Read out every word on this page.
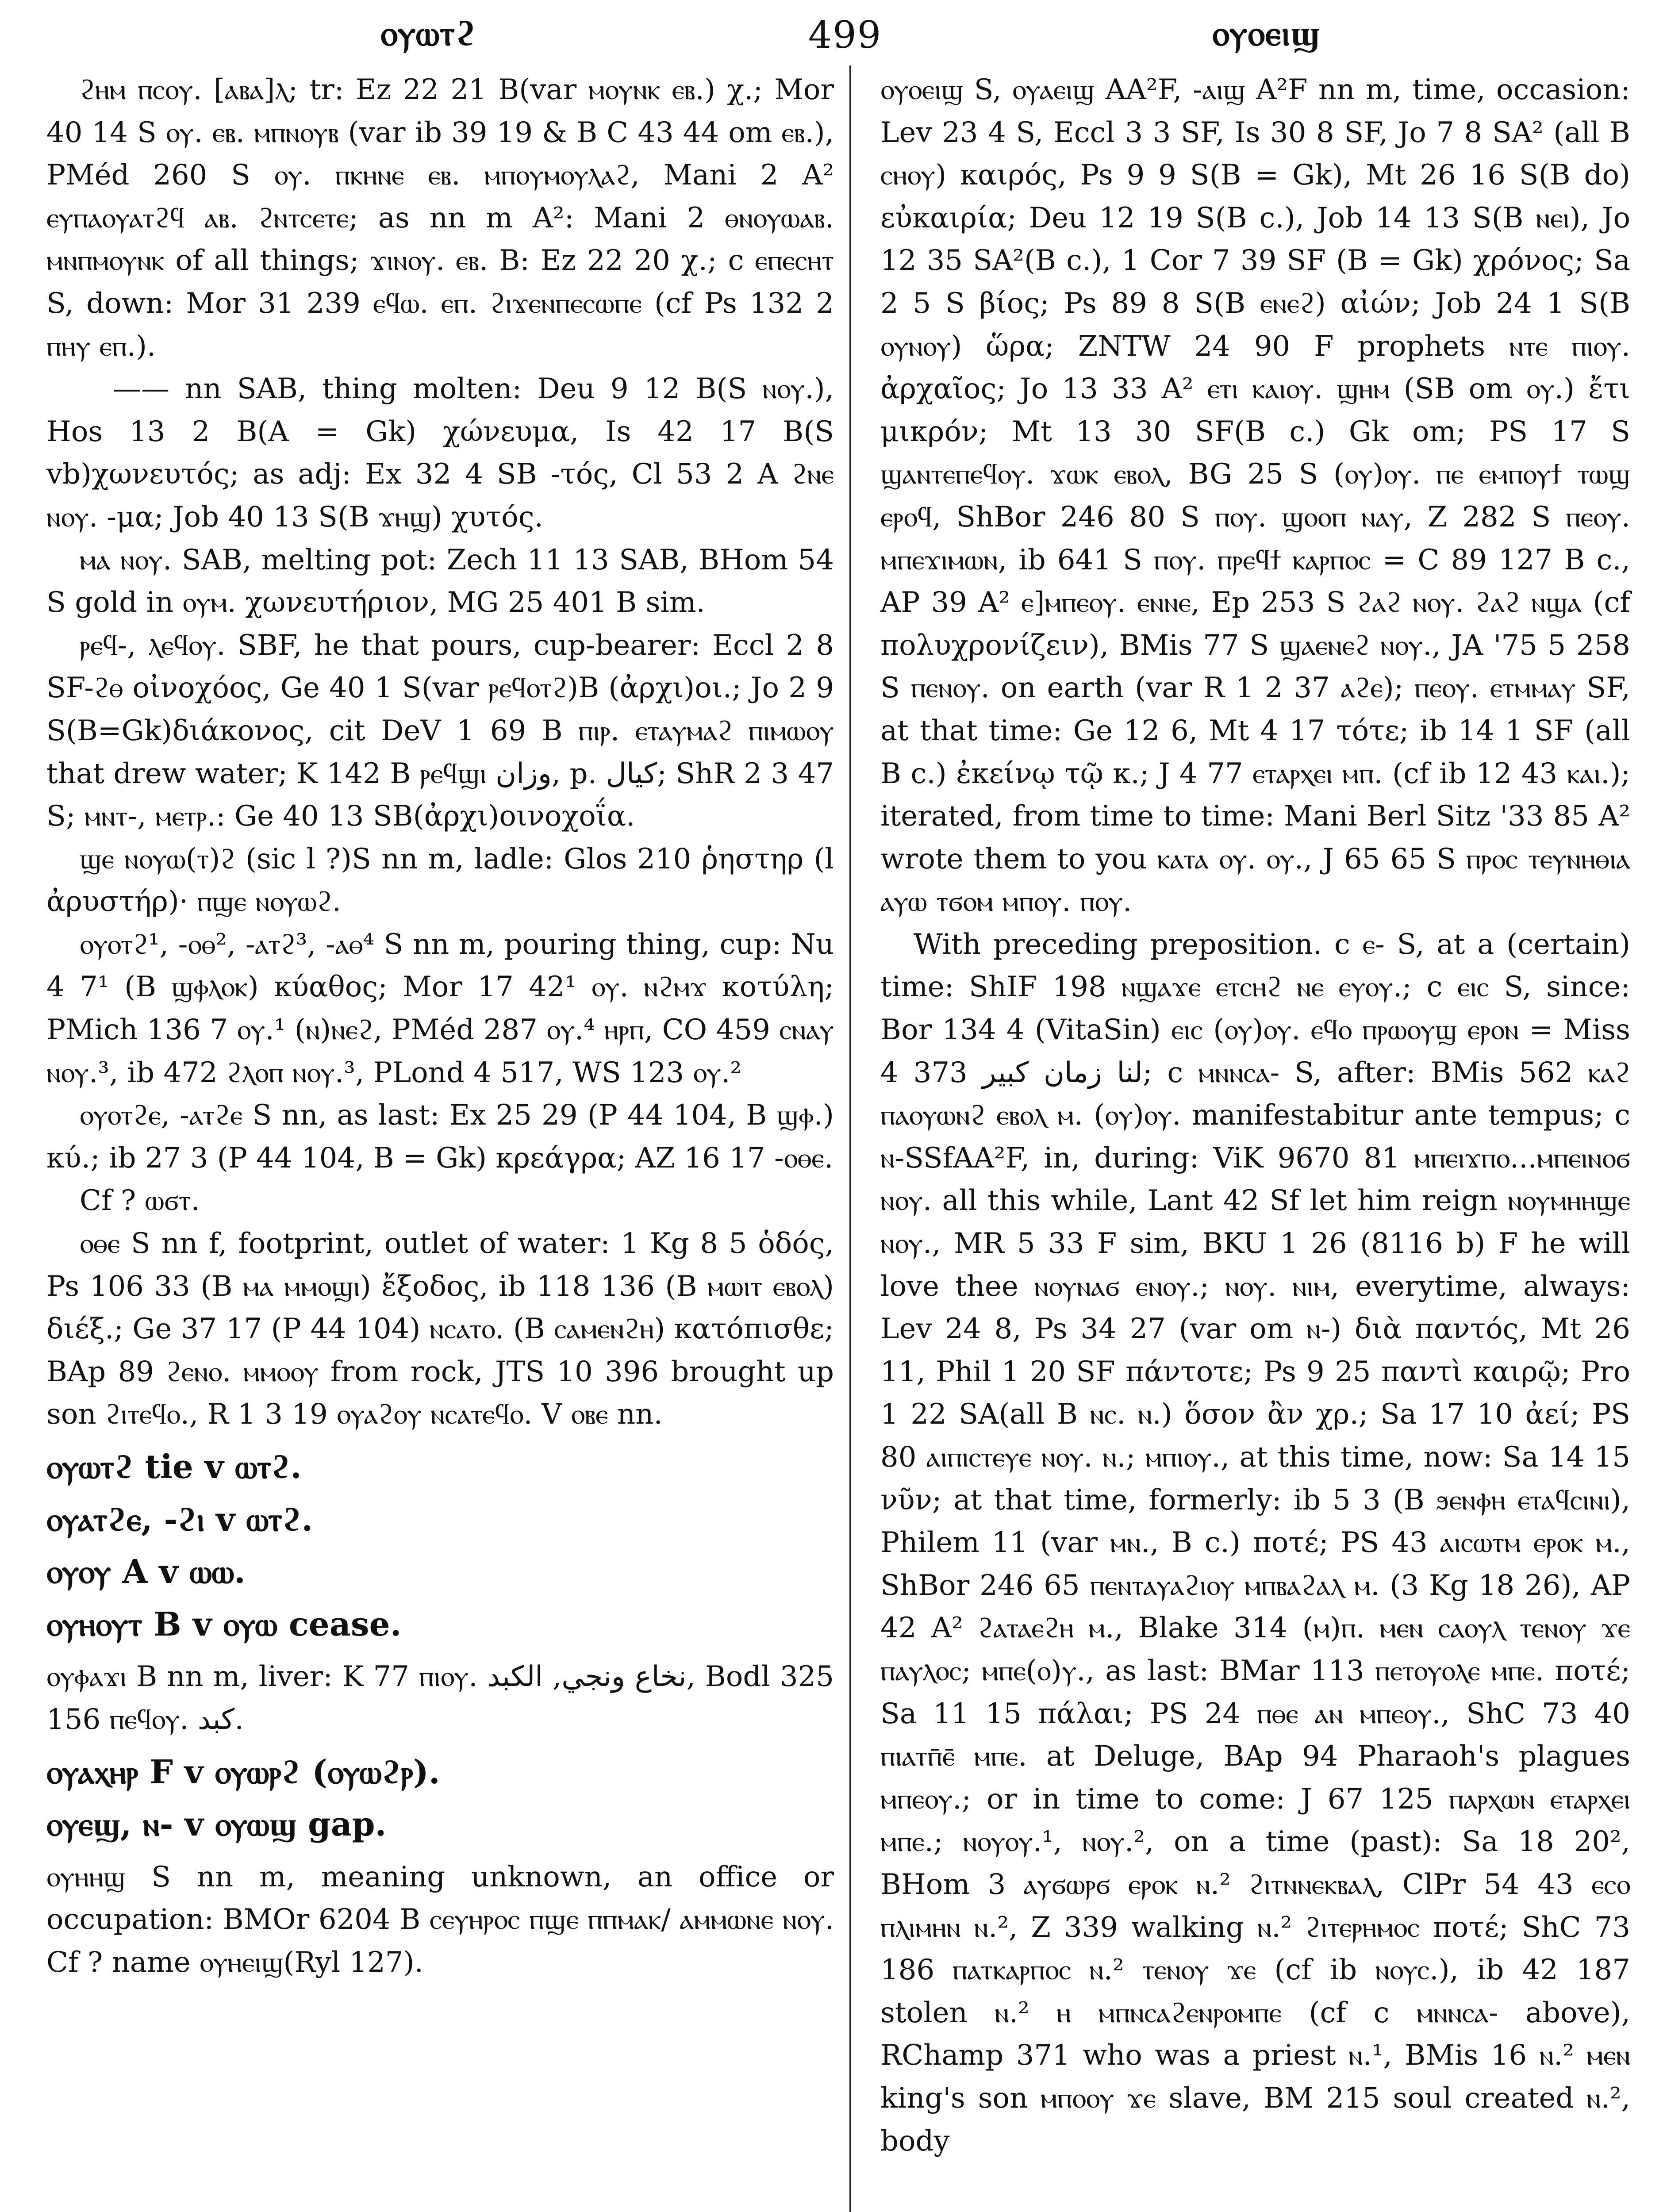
ⲟⲩⲱⲧϩ	499	ⲟⲩⲟⲉⲓϣ

ϩⲏⲙ ⲡⲥⲟⲩ. [ⲁⲃⲁ]ⲗ; tr: Ez 22 21 B(var ⲙⲟⲩⲛⲕ ⲉⲃ.) χ.; Mor 40 14 S ⲟⲩ. ⲉⲃ. ⲙⲡⲛⲟⲩⲃ (var ib 39 19 & B C 43 44 om ⲉⲃ.), PMéd 260 S ⲟⲩ. ⲡⲕⲏⲛⲉ ⲉⲃ. ⲙⲡⲟⲩⲙⲟⲩⲗⲁϩ, Mani 2 A² ⲉⲩⲡⲁⲟⲩⲁⲧϩϥ ⲁⲃ. ϩⲛⲧⲥⲉⲧⲉ; as nn m A²: Mani 2 ⲑⲛⲟⲩⲱⲁⲃ. ⲙⲛⲡⲙⲟⲩⲛⲕ of all things; ϫⲓⲛⲟⲩ. ⲉⲃ. B: Ez 22 20 χ.; c ⲉⲡⲉⲥⲏⲧ S, down: Mor 31 239 ⲉϥⲱ. ⲉⲡ. ϩⲓϫⲉⲛⲡⲉⲥⲱⲡⲉ (cf Ps 132 2 ⲡⲏⲩ ⲉⲡ.).

—— nn SAB, thing molten: Deu 9 12 B(S ⲛⲟⲩ.), Hos 13 2 B(A = Gk) χώνευμα, Is 42 17 B(S vb)χωνευτός; as adj: Ex 32 4 SB -τός, Cl 53 2 A ϩⲛⲉ ⲛⲟⲩ. -μα; Job 40 13 S(B ϫⲏϣ) χυτός.

ⲙⲁ ⲛⲟⲩ. SAB, melting pot: Zech 11 13 SAB, BHom 54 S gold in ⲟⲩⲙ. χωνευτήριον, MG 25 401 B sim.

ⲣⲉϥ-, ⲗⲉϥⲟⲩ. SBF, he that pours, cup-bearer: Eccl 2 8 SF-ϩⲑ οἰνοχόος, Ge 40 1 S(var ⲣⲉϥⲟⲧϩ)B (ἀρχι)οι.; Jo 2 9 S(B=Gk)διάκονος, cit DeV 1 69 B ⲡⲓⲣ. ⲉⲧⲁⲩⲙⲁϩ ⲡⲓⲙⲱⲟⲩ that drew water; K 142 B ⲣⲉϥϣⲓ وزان, p. كيال; ShR 2 3 47 S; ⲙⲛⲧ-, ⲙⲉⲧⲣ.: Ge 40 13 SB(ἀρχι)οινοχοΐα.

ϣⲉ ⲛⲟⲩⲱ(ⲧ)ϩ (sic l ?)S nn m, ladle: Glos 210 ῥηστηρ (l ἀρυστήρ)· ⲡϣⲉ ⲛⲟⲩⲱϩ.

ⲟⲩⲟⲧϩ¹, -ⲟⲑ², -ⲁⲧϩ³, -ⲁⲑ⁴ S nn m, pouring thing, cup: Nu 4 7¹ (B ϣⲫⲗⲟⲕ) κύαθος; Mor 17 42¹ ⲟⲩ. ⲛϩⲙϫ κοτύλη; PMich 136 7 ⲟⲩ.¹ (ⲛ)ⲛⲉϩ, PMéd 287 ⲟⲩ.⁴ ⲏⲣⲡ, CO 459 ⲥⲛⲁⲩ ⲛⲟⲩ.³, ib 472 ϩⲗⲟⲡ ⲛⲟⲩ.³, PLond 4 517, WS 123 ⲟⲩ.²

ⲟⲩⲟⲧϩⲉ, -ⲁⲧϩⲉ S nn, as last: Ex 25 29 (P 44 104, B ϣⲫ.) κύ.; ib 27 3 (P 44 104, B = Gk) κρεάγρα; AZ 16 17 -ⲟⲑⲉ.

Cf ? ⲱϭⲧ.

ⲟⲑⲉ S nn f, footprint, outlet of water: 1 Kg 8 5 ὁδός, Ps 106 33 (B ⲙⲁ ⲙⲙⲟϣⲓ) ἔξοδος, ib 118 136 (B ⲙⲱⲓⲧ ⲉⲃⲟⲗ) διέξ.; Ge 37 17 (P 44 104) ⲛⲥⲁⲧⲟ. (B ⲥⲁⲙⲉⲛϩⲏ) κατόπισθε; BAp 89 ϩⲉⲛⲟ. ⲙⲙⲟⲟⲩ from rock, JTS 10 396 brought up son ϩⲓⲧⲉϥⲟ., R 1 3 19 ⲟⲩⲁϩⲟⲩ ⲛⲥⲁⲧⲉϥⲟ. V ⲟⲃⲉ nn.

ⲟⲩⲱⲧϩ tie v ⲱⲧϩ.

ⲟⲩⲁⲧϩⲉ, -ϩⲓ v ⲱⲧϩ.

ⲟⲩⲟⲩ A v ⲱⲱ.

ⲟⲩⲏⲟⲩⲧ B v ⲟⲩⲱ cease.

ⲟⲩⲫⲁϫⲓ B nn m, liver: K 77 ⲡⲓⲟⲩ. نخاع ونجي, الكبد, Bodl 325 156 ⲡⲉϥⲟⲩ. كبد.

ⲟⲩⲁⲭⲏⲣ F v ⲟⲩⲱⲣϩ (ⲟⲩⲱϩⲣ).

ⲟⲩⲉϣ, ⲛ- v ⲟⲩⲱϣ gap.

ⲟⲩⲏⲏϣ S nn m, meaning unknown, an office or occupation: BMOr 6204 B ⲥⲉⲩⲏⲣⲟⲥ ⲡϣⲉ ⲡⲡⲙⲁⲕ/ ⲁⲙⲙⲱⲛⲉ ⲛⲟⲩ. Cf ? name ⲟⲩⲏⲉⲓϣ(Ryl 127).

ⲟⲩⲟⲉⲓϣ S, ⲟⲩⲁⲉⲓϣ AA²F, -ⲁⲓϣ A²F nn m, time, occasion: Lev 23 4 S, Eccl 3 3 SF, Is 30 8 SF, Jo 7 8 SA² (all B ⲥⲏⲟⲩ) καιρός, Ps 9 9 S(B = Gk), Mt 26 16 S(B do) εὐκαιρία; Deu 12 19 S(B c.), Job 14 13 S(B ⲛⲉⲓ), Jo 12 35 SA²(B c.), 1 Cor 7 39 SF (B = Gk) χρόνος; Sa 2 5 S βίος; Ps 89 8 S(B ⲉⲛⲉϩ) αἰών; Job 24 1 S(B ⲟⲩⲛⲟⲩ) ὥρα; ZNTW 24 90 F prophets ⲛⲧⲉ ⲡⲓⲟⲩ. ἀρχαῖος; Jo 13 33 A² ⲉⲧⲓ ⲕⲁⲓⲟⲩ. ϣⲏⲙ (SB om ⲟⲩ.) ἔτι μικρόν; Mt 13 30 SF(B c.) Gk om; PS 17 S ϣⲁⲛⲧⲉⲡⲉϥⲟⲩ. ϫⲱⲕ ⲉⲃⲟⲗ, BG 25 S (ⲟⲩ)ⲟⲩ. ⲡⲉ ⲉⲙⲡⲟⲩϯ ⲧⲱϣ ⲉⲣⲟϥ, ShBor 246 80 S ⲡⲟⲩ. ϣⲟⲟⲡ ⲛⲁⲩ, Z 282 S ⲡⲉⲟⲩ. ⲙⲡⲉϫⲓⲙⲱⲛ, ib 641 S ⲡⲟⲩ. ⲡⲣⲉϥϯ ⲕⲁⲣⲡⲟⲥ = C 89 127 B c., AP 39 A² ⲉ]ⲙⲡⲉⲟⲩ. ⲉⲛⲛⲉ, Ep 253 S ϩⲁϩ ⲛⲟⲩ. ϩⲁϩ ⲛϣⲁ (cf πολυχρονίζειν), BMis 77 S ϣⲁⲉⲛⲉϩ ⲛⲟⲩ., JA '75 5 258 S ⲡⲉⲛⲟⲩ. on earth (var R 1 2 37 ⲁϩⲉ); ⲡⲉⲟⲩ. ⲉⲧⲙⲙⲁⲩ SF, at that time: Ge 12 6, Mt 4 17 τότε; ib 14 1 SF (all B c.) ἐκείνῳ τῷ κ.; J 4 77 ⲉⲧⲁⲣⲭⲉⲓ ⲙⲡ. (cf ib 12 43 ⲕⲁⲓ.); iterated, from time to time: Mani Berl Sitz '33 85 A² wrote them to you ⲕⲁⲧⲁ ⲟⲩ. ⲟⲩ., J 65 65 S ⲡⲣⲟⲥ ⲧⲉⲩⲛⲏⲑⲓⲁ ⲁⲩⲱ ⲧϭⲟⲙ ⲙⲡⲟⲩ. ⲡⲟⲩ.

With preceding preposition. c ⲉ- S, at a (certain) time: ShIF 198 ⲛϣⲁϫⲉ ⲉⲧⲥⲏϩ ⲛⲉ ⲉⲩⲟⲩ.; c ⲉⲓⲥ S, since: Bor 134 4 (VitaSin) ⲉⲓⲥ (ⲟⲩ)ⲟⲩ. ⲉϥⲟ ⲡⲣⲱⲟⲩϣ ⲉⲣⲟⲛ = Miss 4 373 لنا زمان كبير; c ⲙⲛⲛⲥⲁ- S, after: BMis 562 ⲕⲁϩ ⲡⲁⲟⲩⲱⲛϩ ⲉⲃⲟⲗ ⲙ. (ⲟⲩ)ⲟⲩ. manifestabitur ante tempus; c ⲛ-SSfAA²F, in, during: ViK 9670 81 ⲙⲡⲉⲓϫⲡⲟ...ⲙⲡⲉⲓⲛⲟϭ ⲛⲟⲩ. all this while, Lant 42 Sf let him reign ⲛⲟⲩⲙⲏⲏϣⲉ ⲛⲟⲩ., MR 5 33 F sim, BKU 1 26 (8116 b) F he will love thee ⲛⲟⲩⲛⲁϭ ⲉⲛⲟⲩ.; ⲛⲟⲩ. ⲛⲓⲙ, everytime, always: Lev 24 8, Ps 34 27 (var om ⲛ-) διὰ παντός, Mt 26 11, Phil 1 20 SF πάντοτε; Ps 9 25 παντὶ καιρῷ; Pro 1 22 SA(all B ⲛⲥ. ⲛ.) ὅσον ἂν χρ.; Sa 17 10 ἀεί; PS 80 ⲁⲓⲡⲓⲥⲧⲉⲩⲉ ⲛⲟⲩ. ⲛ.; ⲙⲡⲓⲟⲩ., at this time, now: Sa 14 15 νῦν; at that time, formerly: ib 5 3 (B ϧⲉⲛⲫⲏ ⲉⲧⲁϥⲥⲓⲛⲓ), Philem 11 (var ⲙⲛ., B c.) ποτέ; PS 43 ⲁⲓⲥⲱⲧⲙ ⲉⲣⲟⲕ ⲙ., ShBor 246 65 ⲡⲉⲛⲧⲁⲩⲁϩⲓⲟⲩ ⲙⲡⲃⲁϩⲁⲗ ⲙ. (3 Kg 18 26), AP 42 A² ϩⲁⲧⲁⲉϩⲏ ⲙ., Blake 314 (ⲙ)ⲡ. ⲙⲉⲛ ⲥⲁⲟⲩⲗ ⲧⲉⲛⲟⲩ ϫⲉ ⲡⲁⲩⲗⲟⲥ; ⲙⲡⲉ(ⲟ)ⲩ., as last: BMar 113 ⲡⲉⲧⲟⲩⲟⲗⲉ ⲙⲡⲉ. ποτέ; Sa 11 15 πάλαι; PS 24 ⲡⲑⲉ ⲁⲛ ⲙⲡⲉⲟⲩ., ShC 73 40 ⲡⲓⲁⲧⲡ̄ⲉ̄ ⲙⲡⲉ. at Deluge, BAp 94 Pharaoh's plagues ⲙⲡⲉⲟⲩ.; or in time to come: J 67 125 ⲡⲁⲣⲭⲱⲛ ⲉⲧⲁⲣⲭⲉⲓ ⲙⲡⲉ.; ⲛⲟⲩⲟⲩ.¹, ⲛⲟⲩ.², on a time (past): Sa 18 20², BHom 3 ⲁⲩϭⲱⲣϭ ⲉⲣⲟⲕ ⲛ.² ϩⲓⲧⲛⲛⲉⲕⲃⲁⲗ, ClPr 54 43 ⲉⲥⲟ ⲡⲗⲓⲙⲏⲛ ⲛ.², Z 339 walking ⲛ.² ϩⲓⲧⲉⲣⲏⲙⲟⲥ ποτέ; ShC 73 186 ⲡⲁⲧⲕⲁⲣⲡⲟⲥ ⲛ.² ⲧⲉⲛⲟⲩ ϫⲉ (cf ib ⲛⲟⲩⲥ.), ib 42 187 stolen ⲛ.² ⲏ ⲙⲡⲛⲥⲁϩⲉⲛⲣⲟⲙⲡⲉ (cf c ⲙⲛⲛⲥⲁ- above), RChamp 371 who was a priest ⲛ.¹, BMis 16 ⲛ.² ⲙⲉⲛ king's son ⲙⲡⲟⲟⲩ ϫⲉ slave, BM 215 soul created ⲛ.², body
